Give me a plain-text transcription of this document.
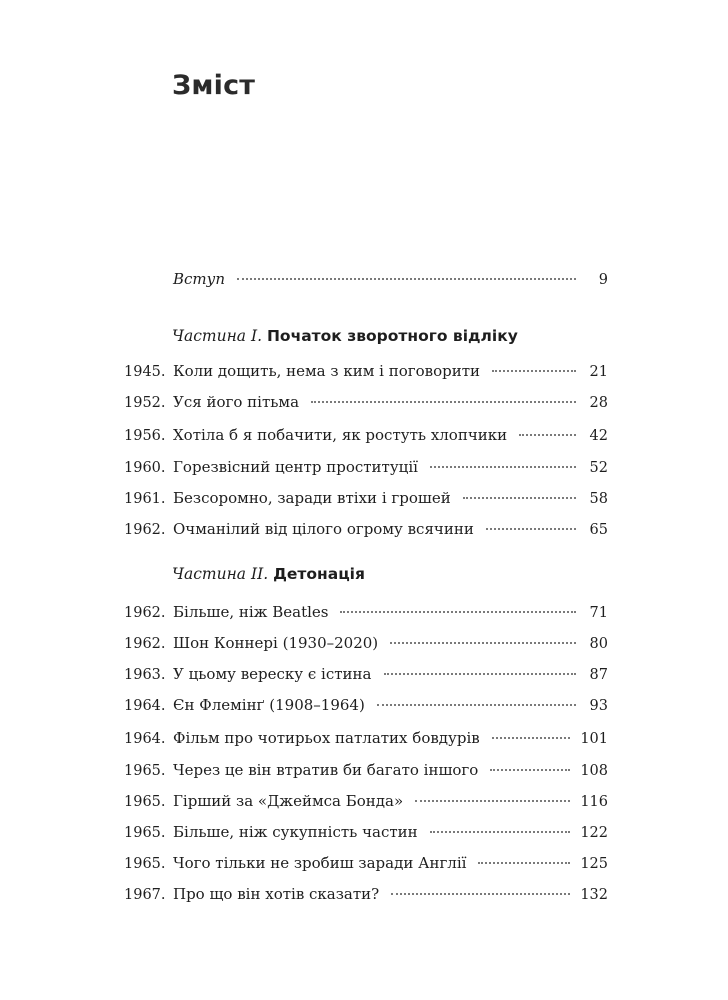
Зміст
Вступ	9
Частина I. Початок зворотного відліку
1945. Коли дощить, нема з ким і поговорити	21
1952. Уся його пітьма	28
1956. Хотіла б я побачити, як ростуть хлопчики	42
1960. Горезвісний центр проституції	52
1961. Безсоромно, заради втіхи і грошей	58
1962. Очманілий від цілого огрому всячини	65
Частина II. Детонація
1962. Більше, ніж Beatles	71
1962. Шон Коннері (1930–2020)	80
1963. У цьому вереску є істина	87
1964. Єн Флемінґ (1908–1964)	93
1964. Фільм про чотирьох патлатих бовдурів	101
1965. Через це він втратив би багато іншого	108
1965. Гірший за «Джеймса Бонда»	116
1965. Більше, ніж сукупність частин	122
1965. Чого тільки не зробиш заради Англії	125
1967. Про що він хотів сказати?	132
